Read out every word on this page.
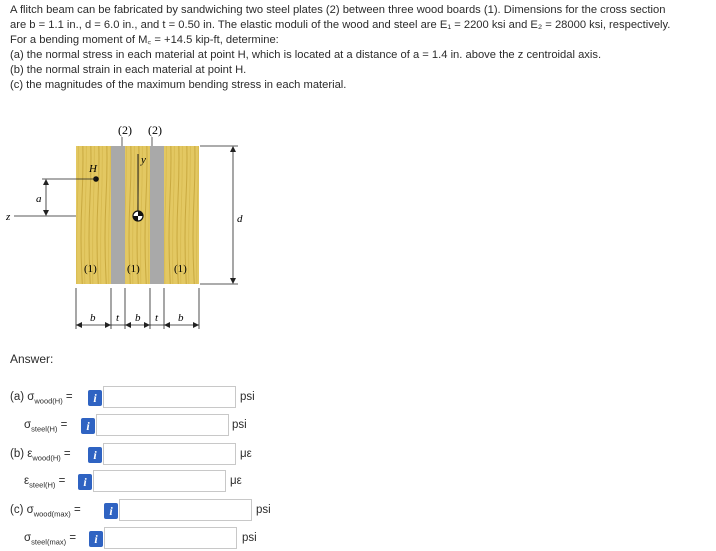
A flitch beam can be fabricated by sandwiching two steel plates (2) between three wood boards (1). Dimensions for the cross section

are b = 1.1 in., d = 6.0 in., and t = 0.50 in. The elastic moduli of the wood and steel are E₁ = 2200 ksi and E₂ = 28000 ksi, respectively.

For a bending moment of M꜀ = +14.5 kip-ft, determine:

(a) the normal stress in each material at point H, which is located at a distance of a = 1.4 in. above the z centroidal axis.

(b) the normal strain in each material at point H.

(c) the magnitudes of the maximum bending stress in each material.

(2) (2)
y
H
z
a
d
(1)	(1)	(1)
b t b t b
Answer:
(a) $\sigma_{wood(H)}$ =	i	psi
$\sigma_{steel(H)}$ =	i	psi
(b) $\varepsilon_{wood(H)}$ =	i	με
$\varepsilon_{steel(H)}$ =	i	με
(c) $\sigma_{wood(max)}$ =	i	psi
$\sigma_{steel(max)}$ =	i	psi
